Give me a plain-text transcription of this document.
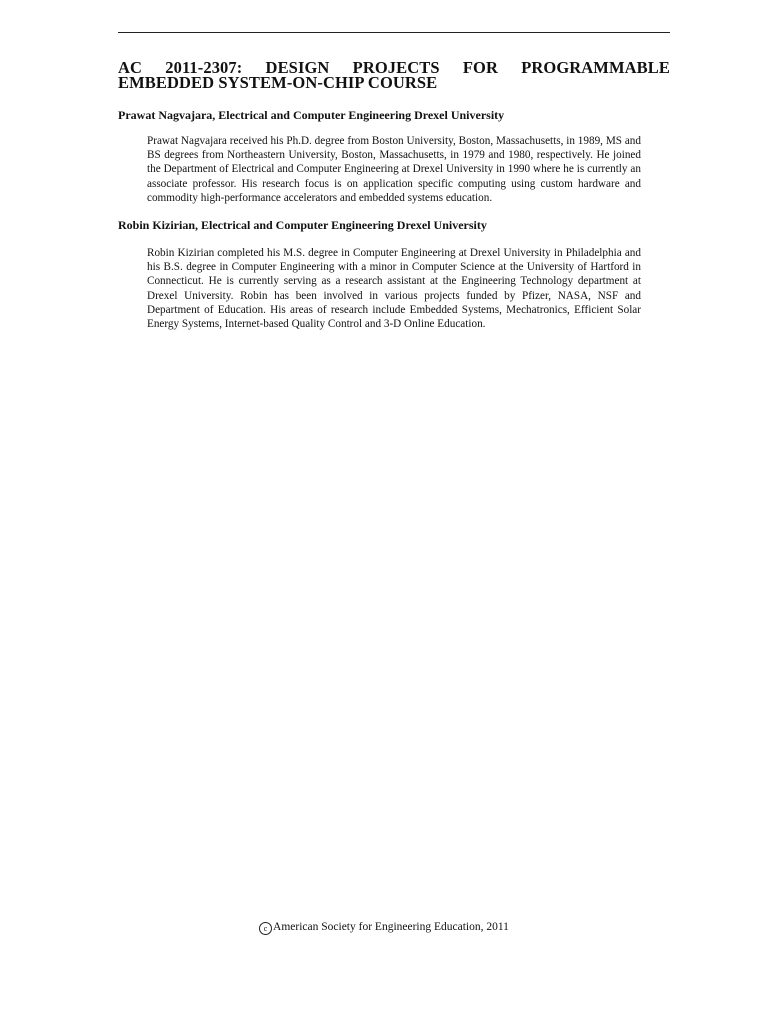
AC 2011-2307: DESIGN PROJECTS FOR PROGRAMMABLE EMBEDDED SYSTEM-ON-CHIP COURSE
Prawat Nagvajara, Electrical and Computer Engineering Drexel University

Prawat Nagvajara received his Ph.D. degree from Boston University, Boston, Massachusetts, in 1989, MS and BS degrees from Northeastern University, Boston, Massachusetts, in 1979 and 1980, respectively. He joined the Department of Electrical and Computer Engineering at Drexel University in 1990 where he is currently an associate professor. His research focus is on application specific computing using custom hardware and commodity high-performance accelerators and embedded systems education.

Robin Kizirian, Electrical and Computer Engineering Drexel University

Robin Kizirian completed his M.S. degree in Computer Engineering at Drexel University in Philadelphia and his B.S. degree in Computer Engineering with a minor in Computer Science at the University of Hartford in Connecticut. He is currently serving as a research assistant at the Engineering Technology department at Drexel University. Robin has been involved in various projects funded by Pfizer, NASA, NSF and Department of Education. His areas of research include Embedded Systems, Mechatronics, Efficient Solar Energy Systems, Internet-based Quality Control and 3-D Online Education.

c American Society for Engineering Education, 2011
